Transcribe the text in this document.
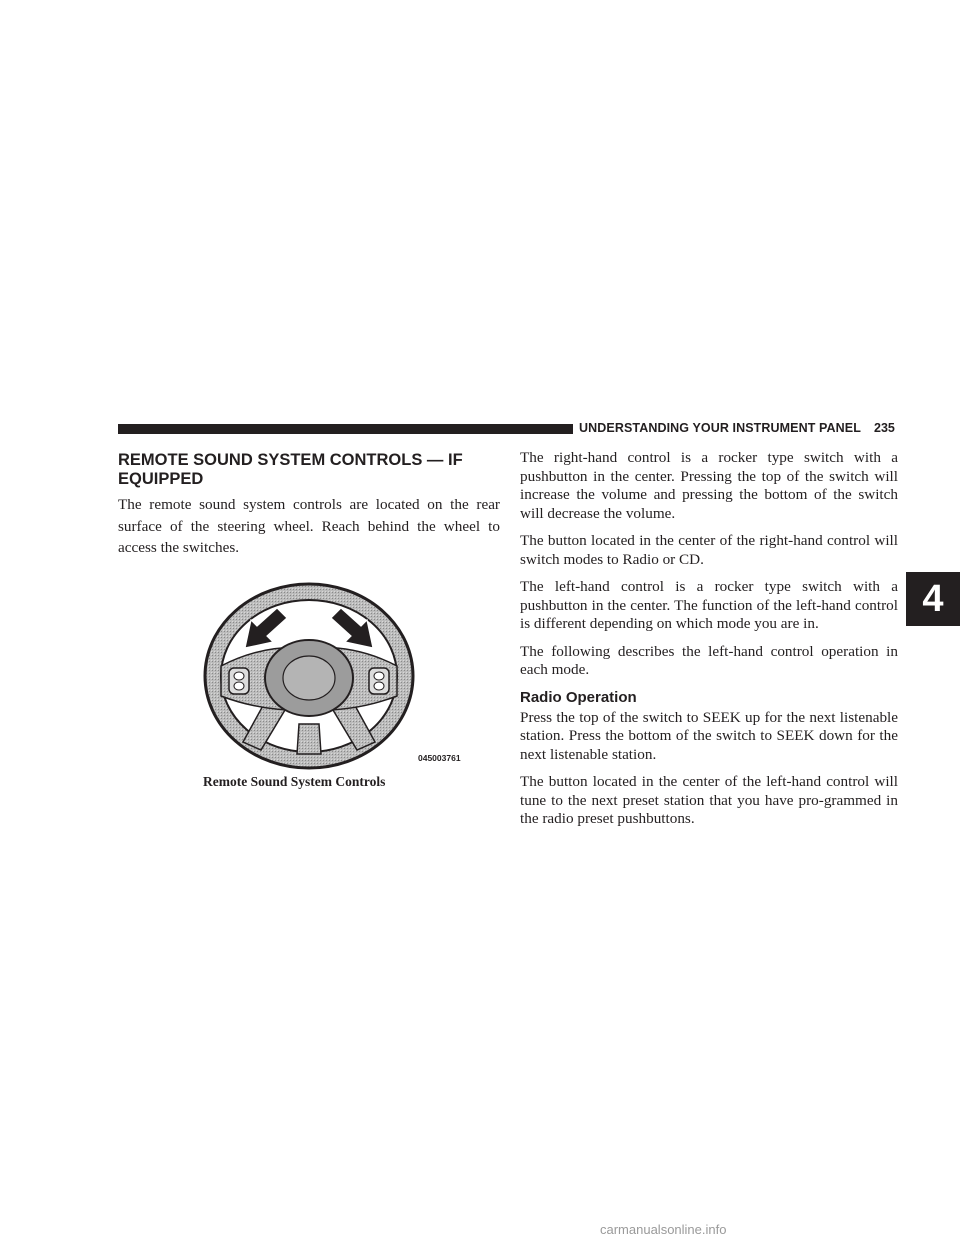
UNDERSTANDING YOUR INSTRUMENT PANEL 235
4
REMOTE SOUND SYSTEM CONTROLS — IF EQUIPPED

The remote sound system controls are located on the rear surface of the steering wheel. Reach behind the wheel to access the switches.

045003761
Remote Sound System Controls

The right-hand control is a rocker type switch with a pushbutton in the center. Pressing the top of the switch will increase the volume and pressing the bottom of the switch will decrease the volume.

The button located in the center of the right-hand control will switch modes to Radio or CD.

The left-hand control is a rocker type switch with a pushbutton in the center. The function of the left-hand control is different depending on which mode you are in.

The following describes the left-hand control operation in each mode.

Radio Operation

Press the top of the switch to SEEK up for the next listenable station. Press the bottom of the switch to SEEK down for the next listenable station.

The button located in the center of the left-hand control will tune to the next preset station that you have pro-grammed in the radio preset pushbuttons.

carmanualsonline.info
